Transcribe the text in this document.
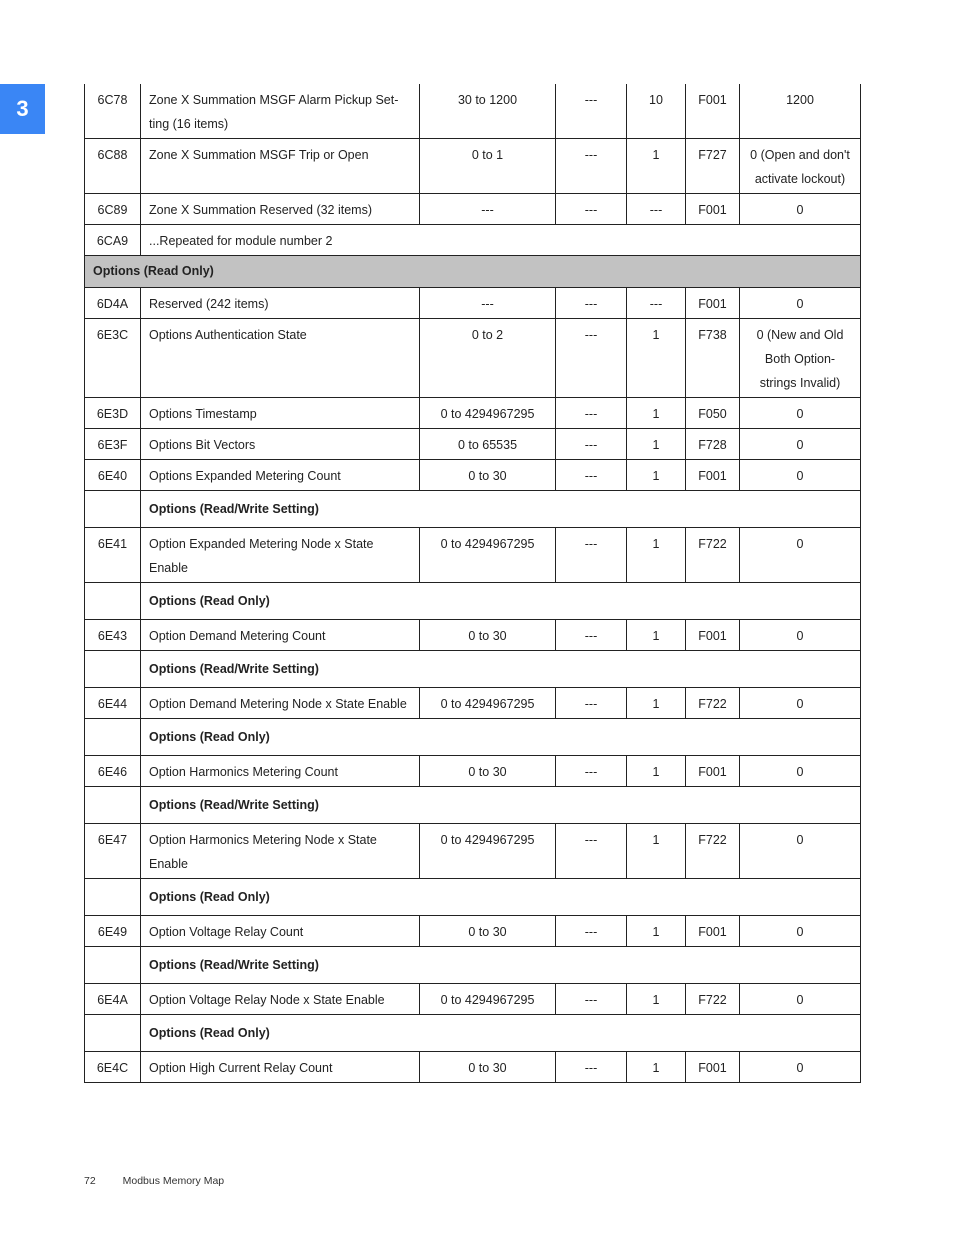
3	6C78	Zone X Summation MSGF Alarm Pickup Set-ting (16 items)	30 to 1200	---	10	F001	1200
6C88	Zone X Summation MSGF Trip or Open	0 to 1	---	1	F727	0 (Open and don't activate lockout)
6C89	Zone X Summation Reserved (32 items)	---	---	---	F001	0
6CA9	...Repeated for module number 2					
Options (Read Only)						
6D4A	Reserved (242 items)	---	---	---	F001	0
6E3C	Options Authentication State	0 to 2	---	1	F738	0 (New and Old Both Option-strings Invalid)
6E3D	Options Timestamp	0 to 4294967295	---	1	F050	0
6E3F	Options Bit Vectors	0 to 65535	---	1	F728	0
6E40	Options Expanded Metering Count	0 to 30	---	1	F001	0
	Options (Read/Write Setting)					
6E41	Option Expanded Metering Node x State Enable	0 to 4294967295	---	1	F722	0
	Options (Read Only)					
6E43	Option Demand Metering Count	0 to 30	---	1	F001	0
	Options (Read/Write Setting)					
6E44	Option Demand Metering Node x State Enable	0 to 4294967295	---	1	F722	0
	Options (Read Only)					
6E46	Option Harmonics Metering Count	0 to 30	---	1	F001	0
	Options (Read/Write Setting)					
6E47	Option Harmonics Metering Node x State Enable	0 to 4294967295	---	1	F722	0
	Options (Read Only)					
6E49	Option Voltage Relay Count	0 to 30	---	1	F001	0
	Options (Read/Write Setting)					
6E4A	Option Voltage Relay Node x State Enable	0 to 4294967295	---	1	F722	0
	Options (Read Only)					
6E4C	Option High Current Relay Count	0 to 30	---	1	F001	0
72	Modbus Memory Map
